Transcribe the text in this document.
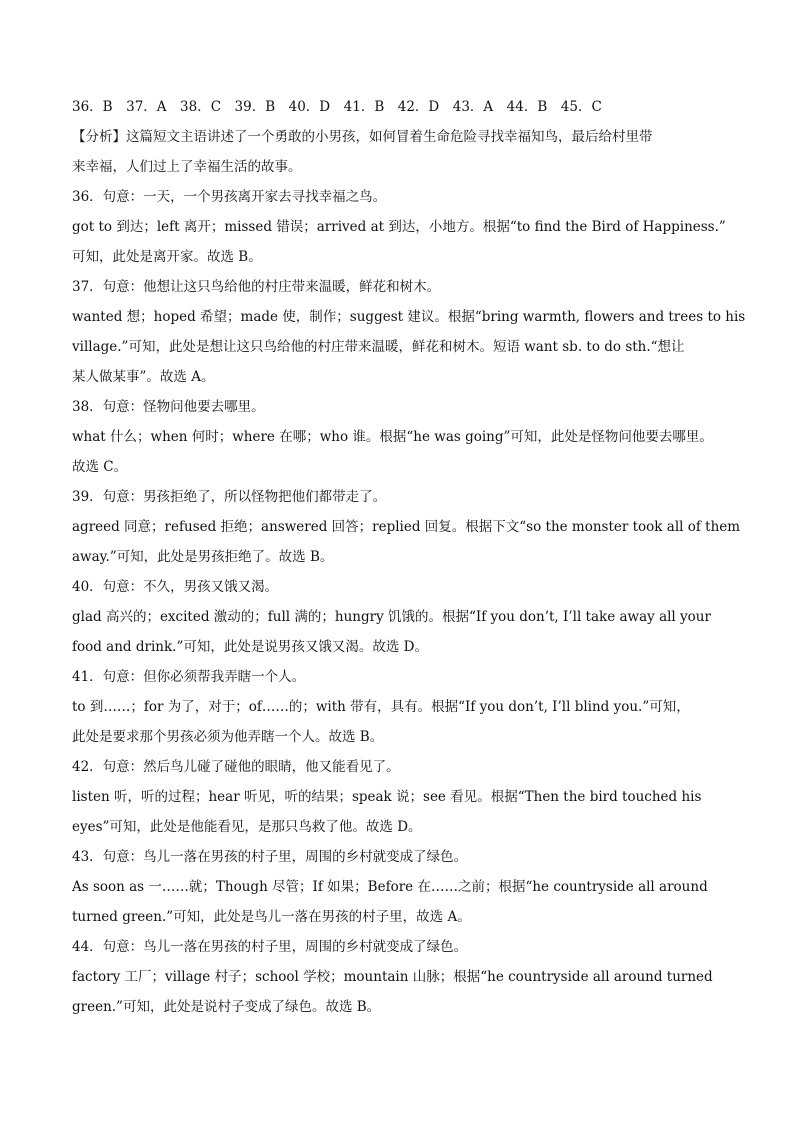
36．B　37．A　38．C　39．B　40．D　41．B　42．D　43．A　44．B　45．C
【分析】这篇短文主语讲述了一个勇敢的小男孩，如何冒着生命危险寻找幸福知鸟，最后给村里带
来幸福，人们过上了幸福生活的故事。
36．句意：一天，一个男孩离开家去寻找幸福之鸟。
got to 到达；left 离开；missed 错误；arrived at 到达，小地方。根据“to find the Bird of Happiness.”
可知，此处是离开家。故选 B。
37．句意：他想让这只鸟给他的村庄带来温暖，鲜花和树木。
wanted 想；hoped 希望；made 使，制作；suggest 建议。根据“bring warmth, flowers and trees to his
village.”可知，此处是想让这只鸟给他的村庄带来温暖，鲜花和树木。短语 want sb. to do sth.“想让
某人做某事”。故选 A。
38．句意：怪物问他要去哪里。
what 什么；when 何时；where 在哪；who 谁。根据“he was going”可知，此处是怪物问他要去哪里。
故选 C。
39．句意：男孩拒绝了，所以怪物把他们都带走了。
agreed 同意；refused 拒绝；answered 回答；replied 回复。根据下文“so the monster took all of them
away.”可知，此处是男孩拒绝了。故选 B。
40．句意：不久，男孩又饿又渴。
glad 高兴的；excited 激动的；full 满的；hungry 饥饿的。根据“If you don’t, I’ll take away all your
food and drink.”可知，此处是说男孩又饿又渴。故选 D。
41．句意：但你必须帮我弄瞎一个人。
to 到……；for 为了，对于；of……的；with 带有，具有。根据“If you don’t, I’ll blind you.”可知，
此处是要求那个男孩必须为他弄瞎一个人。故选 B。
42．句意：然后鸟儿碰了碰他的眼睛，他又能看见了。
listen 听，听的过程；hear 听见，听的结果；speak 说；see 看见。根据“Then the bird touched his
eyes”可知，此处是他能看见，是那只鸟救了他。故选 D。
43．句意：鸟儿一落在男孩的村子里，周围的乡村就变成了绿色。
As soon as 一……就；Though 尽管；If 如果；Before 在……之前；根据“he countryside all around
turned green.”可知，此处是鸟儿一落在男孩的村子里，故选 A。
44．句意：鸟儿一落在男孩的村子里，周围的乡村就变成了绿色。
factory 工厂；village 村子；school 学校；mountain 山脉；根据“he countryside all around turned
green.”可知，此处是说村子变成了绿色。故选 B。
